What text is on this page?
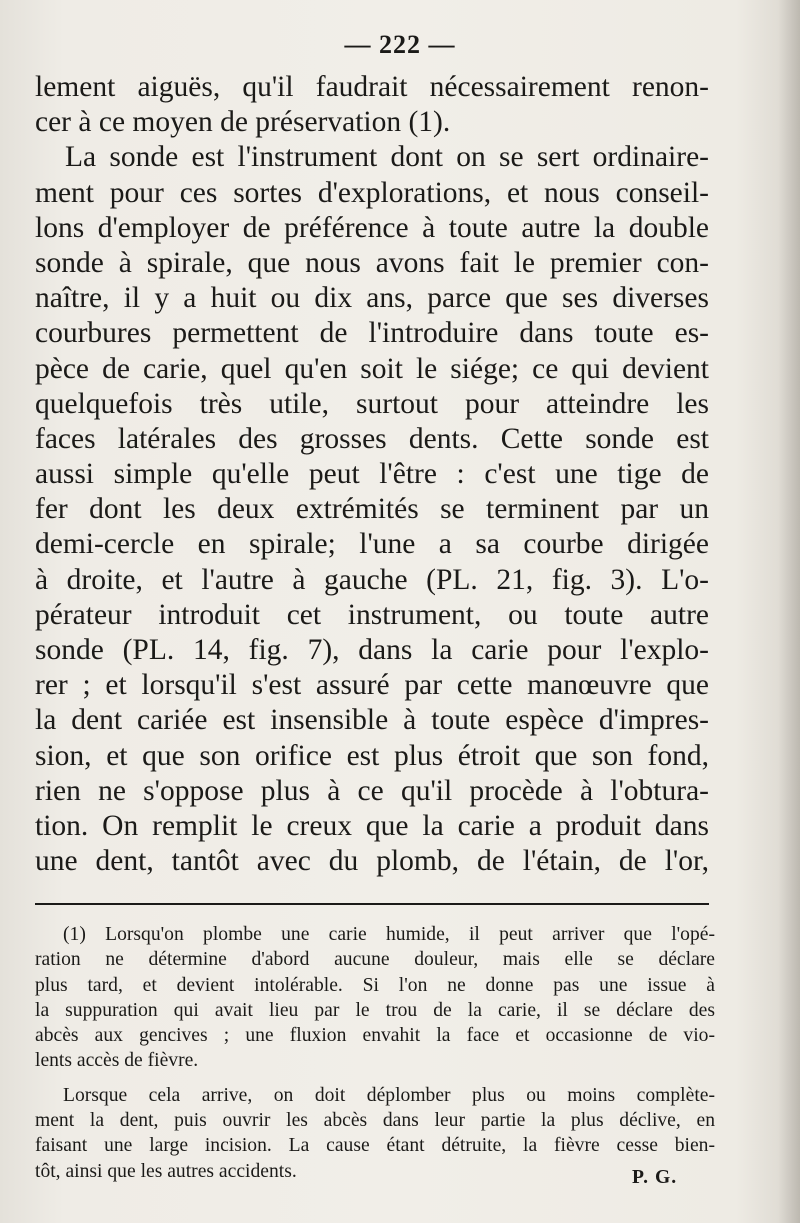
— 222 —
lement aiguës, qu'il faudrait nécessairement renon-
cer à ce moyen de préservation (1).
La sonde est l'instrument dont on se sert ordinaire-
ment pour ces sortes d'explorations, et nous conseil-
lons d'employer de préférence à toute autre la double
sonde à spirale, que nous avons fait le premier con-
naître, il y a huit ou dix ans, parce que ses diverses
courbures permettent de l'introduire dans toute es-
pèce de carie, quel qu'en soit le siége; ce qui devient
quelquefois très utile, surtout pour atteindre les
faces latérales des grosses dents. Cette sonde est
aussi simple qu'elle peut l'être : c'est une tige de
fer dont les deux extrémités se terminent par un
demi-cercle en spirale; l'une a sa courbe dirigée
à droite, et l'autre à gauche (PL. 21, fig. 3). L'o-
pérateur introduit cet instrument, ou toute autre
sonde (PL. 14, fig. 7), dans la carie pour l'explo-
rer ; et lorsqu'il s'est assuré par cette manœuvre que
la dent cariée est insensible à toute espèce d'impres-
sion, et que son orifice est plus étroit que son fond,
rien ne s'oppose plus à ce qu'il procède à l'obtura-
tion. On remplit le creux que la carie a produit dans
une dent, tantôt avec du plomb, de l'étain, de l'or,
(1) Lorsqu'on plombe une carie humide, il peut arriver que l'opé-
ration ne détermine d'abord aucune douleur, mais elle se déclare
plus tard, et devient intolérable. Si l'on ne donne pas une issue à
la suppuration qui avait lieu par le trou de la carie, il se déclare des
abcès aux gencives ; une fluxion envahit la face et occasionne de vio-
lents accès de fièvre.
Lorsque cela arrive, on doit déplomber plus ou moins complète-
ment la dent, puis ouvrir les abcès dans leur partie la plus déclive, en
faisant une large incision. La cause étant détruite, la fièvre cesse bien-
tôt, ainsi que les autres accidents.	P. G.
